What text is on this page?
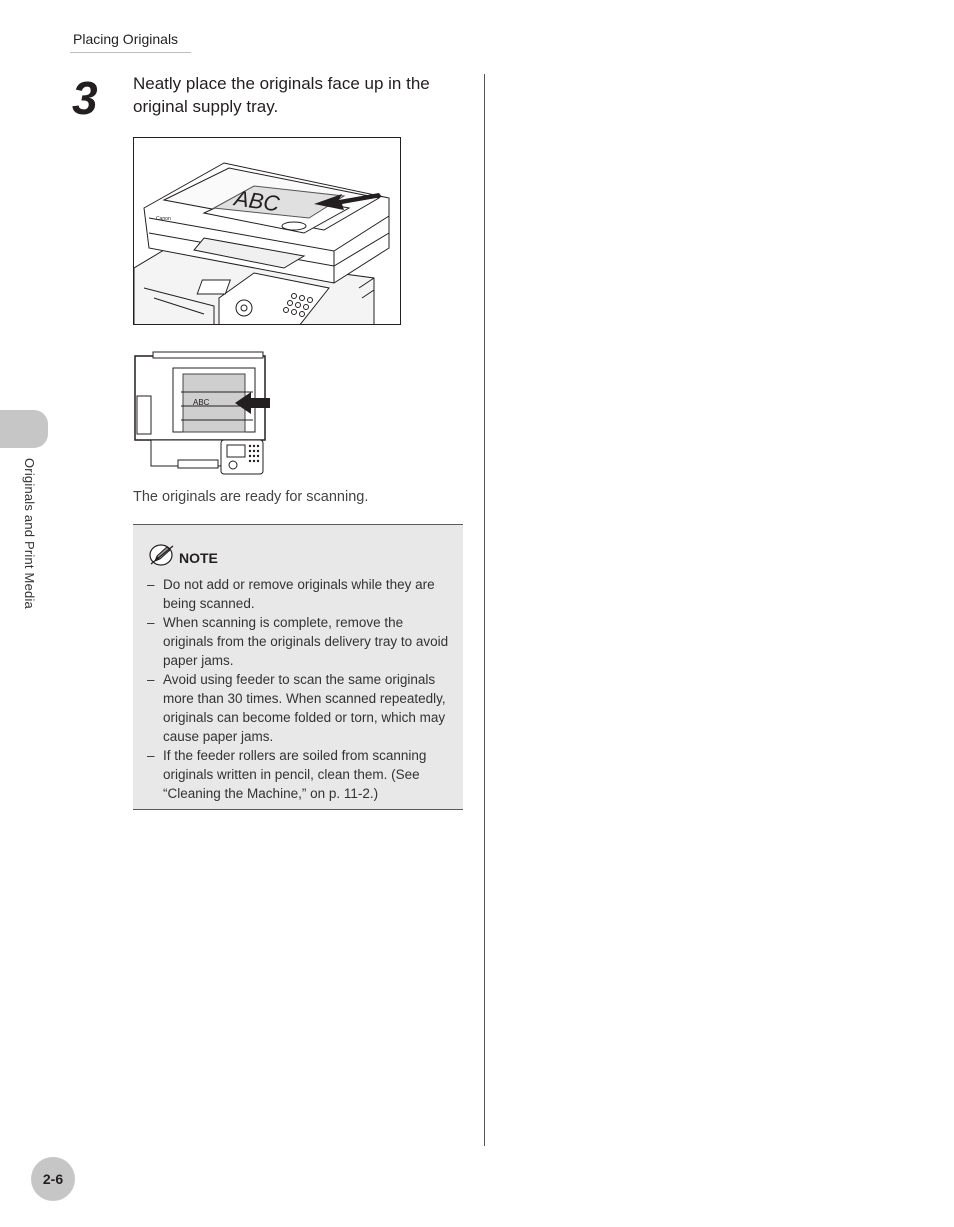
Placing Originals
Originals and Print Media
3 Neatly place the originals face up in the original supply tray.
ABC
Canon
ABC
The originals are ready for scanning.
NOTE
– Do not add or remove originals while they are being scanned.
– When scanning is complete, remove the originals from the originals delivery tray to avoid paper jams.
– Avoid using feeder to scan the same originals more than 30 times. When scanned repeatedly, originals can become folded or torn, which may cause paper jams.
– If the feeder rollers are soiled from scanning originals written in pencil, clean them. (See “Cleaning the Machine,” on p. 11-2.)
2-6
